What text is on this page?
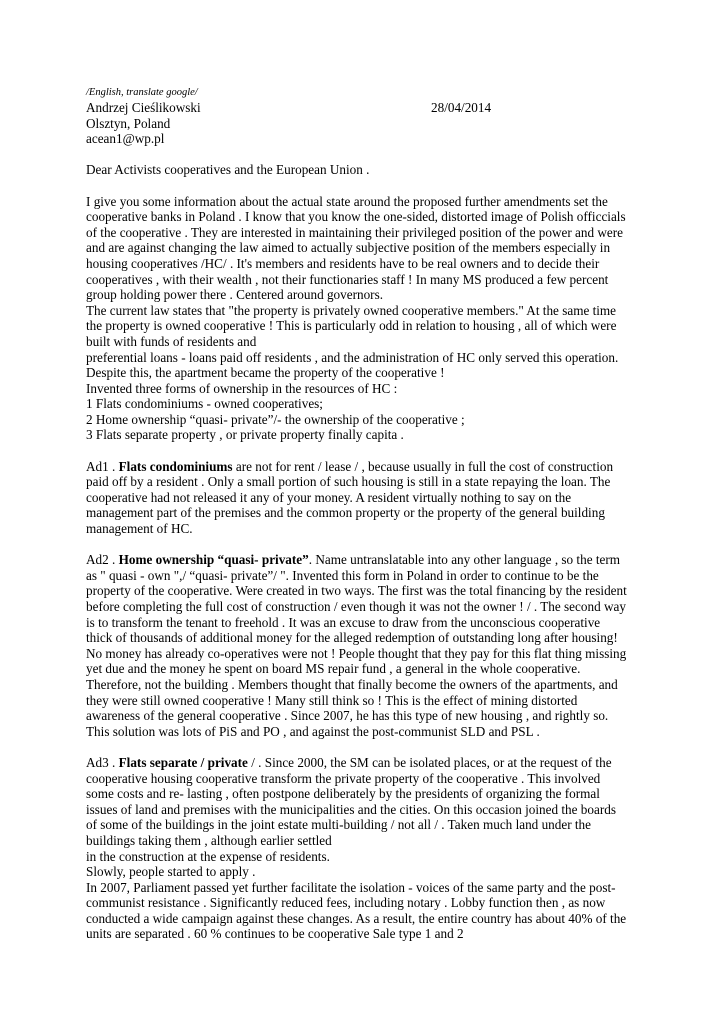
/English, translate google/
Andrzej Cieślikowski	28/04/2014
Olsztyn, Poland
acean1@wp.pl
Dear Activists cooperatives and the European Union .
I give you some information about the actual state around the proposed further amendments set the
cooperative banks in Poland . I know that you know the one-sided, distorted image of Polish officcials
of the cooperative . They are interested in maintaining their privileged position of the power and were
and are against changing the law aimed to actually subjective position of the members especially in
housing cooperatives /HC/ . It's members and residents have to be real owners and to decide their
cooperatives , with their wealth , not their functionaries staff ! In many MS produced a few percent
group holding power there . Centered around governors.
The current law states that "the property is privately owned cooperative members." At the same time
the property is owned cooperative ! This is particularly odd in relation to housing , all of which were
built with funds of residents and
preferential loans - loans paid off residents , and the administration of HC only served this operation.
Despite this, the apartment became the property of the cooperative !
Invented three forms of ownership in the resources of HC :
1 Flats condominiums - owned cooperatives;
2 Home ownership “quasi- private”/- the ownership of the cooperative ;
3 Flats separate property , or private property finally capita .
Ad1 . Flats condominiums are not for rent / lease / , because usually in full the cost of construction
paid off by a resident . Only a small portion of such housing is still in a state repaying the loan. The
cooperative had not released it any of your money. A resident virtually nothing to say on the
management part of the premises and the common property or the property of the general building
management of HC.
Ad2 . Home ownership “quasi- private”. Name untranslatable into any other language , so the term
as " quasi - own ",/ “quasi- private”/ ". Invented this form in Poland in order to continue to be the
property of the cooperative. Were created in two ways. The first was the total financing by the resident
before completing the full cost of construction / even though it was not the owner ! / . The second way
is to transform the tenant to freehold . It was an excuse to draw from the unconscious cooperative
thick of thousands of additional money for the alleged redemption of outstanding long after housing!
No money has already co-operatives were not ! People thought that they pay for this flat thing missing
yet due and the money he spent on board MS repair fund , a general in the whole cooperative.
Therefore, not the building . Members thought that finally become the owners of the apartments, and
they were still owned cooperative ! Many still think so ! This is the effect of mining distorted
awareness of the general cooperative . Since 2007, he has this type of new housing , and rightly so.
This solution was lots of PiS and PO , and against the post-communist SLD and PSL .
Ad3 . Flats separate / private / . Since 2000, the SM can be isolated places, or at the request of the
cooperative housing cooperative transform the private property of the cooperative . This involved
some costs and re- lasting , often postpone deliberately by the presidents of organizing the formal
issues of land and premises with the municipalities and the cities. On this occasion joined the boards
of some of the buildings in the joint estate multi-building / not all / . Taken much land under the
buildings taking them , although earlier settled
in the construction at the expense of residents.
Slowly, people started to apply .
In 2007, Parliament passed yet further facilitate the isolation - voices of the same party and the post-
communist resistance . Significantly reduced fees, including notary . Lobby function then , as now
conducted a wide campaign against these changes. As a result, the entire country has about 40% of the
units are separated . 60 % continues to be cooperative Sale type 1 and 2
